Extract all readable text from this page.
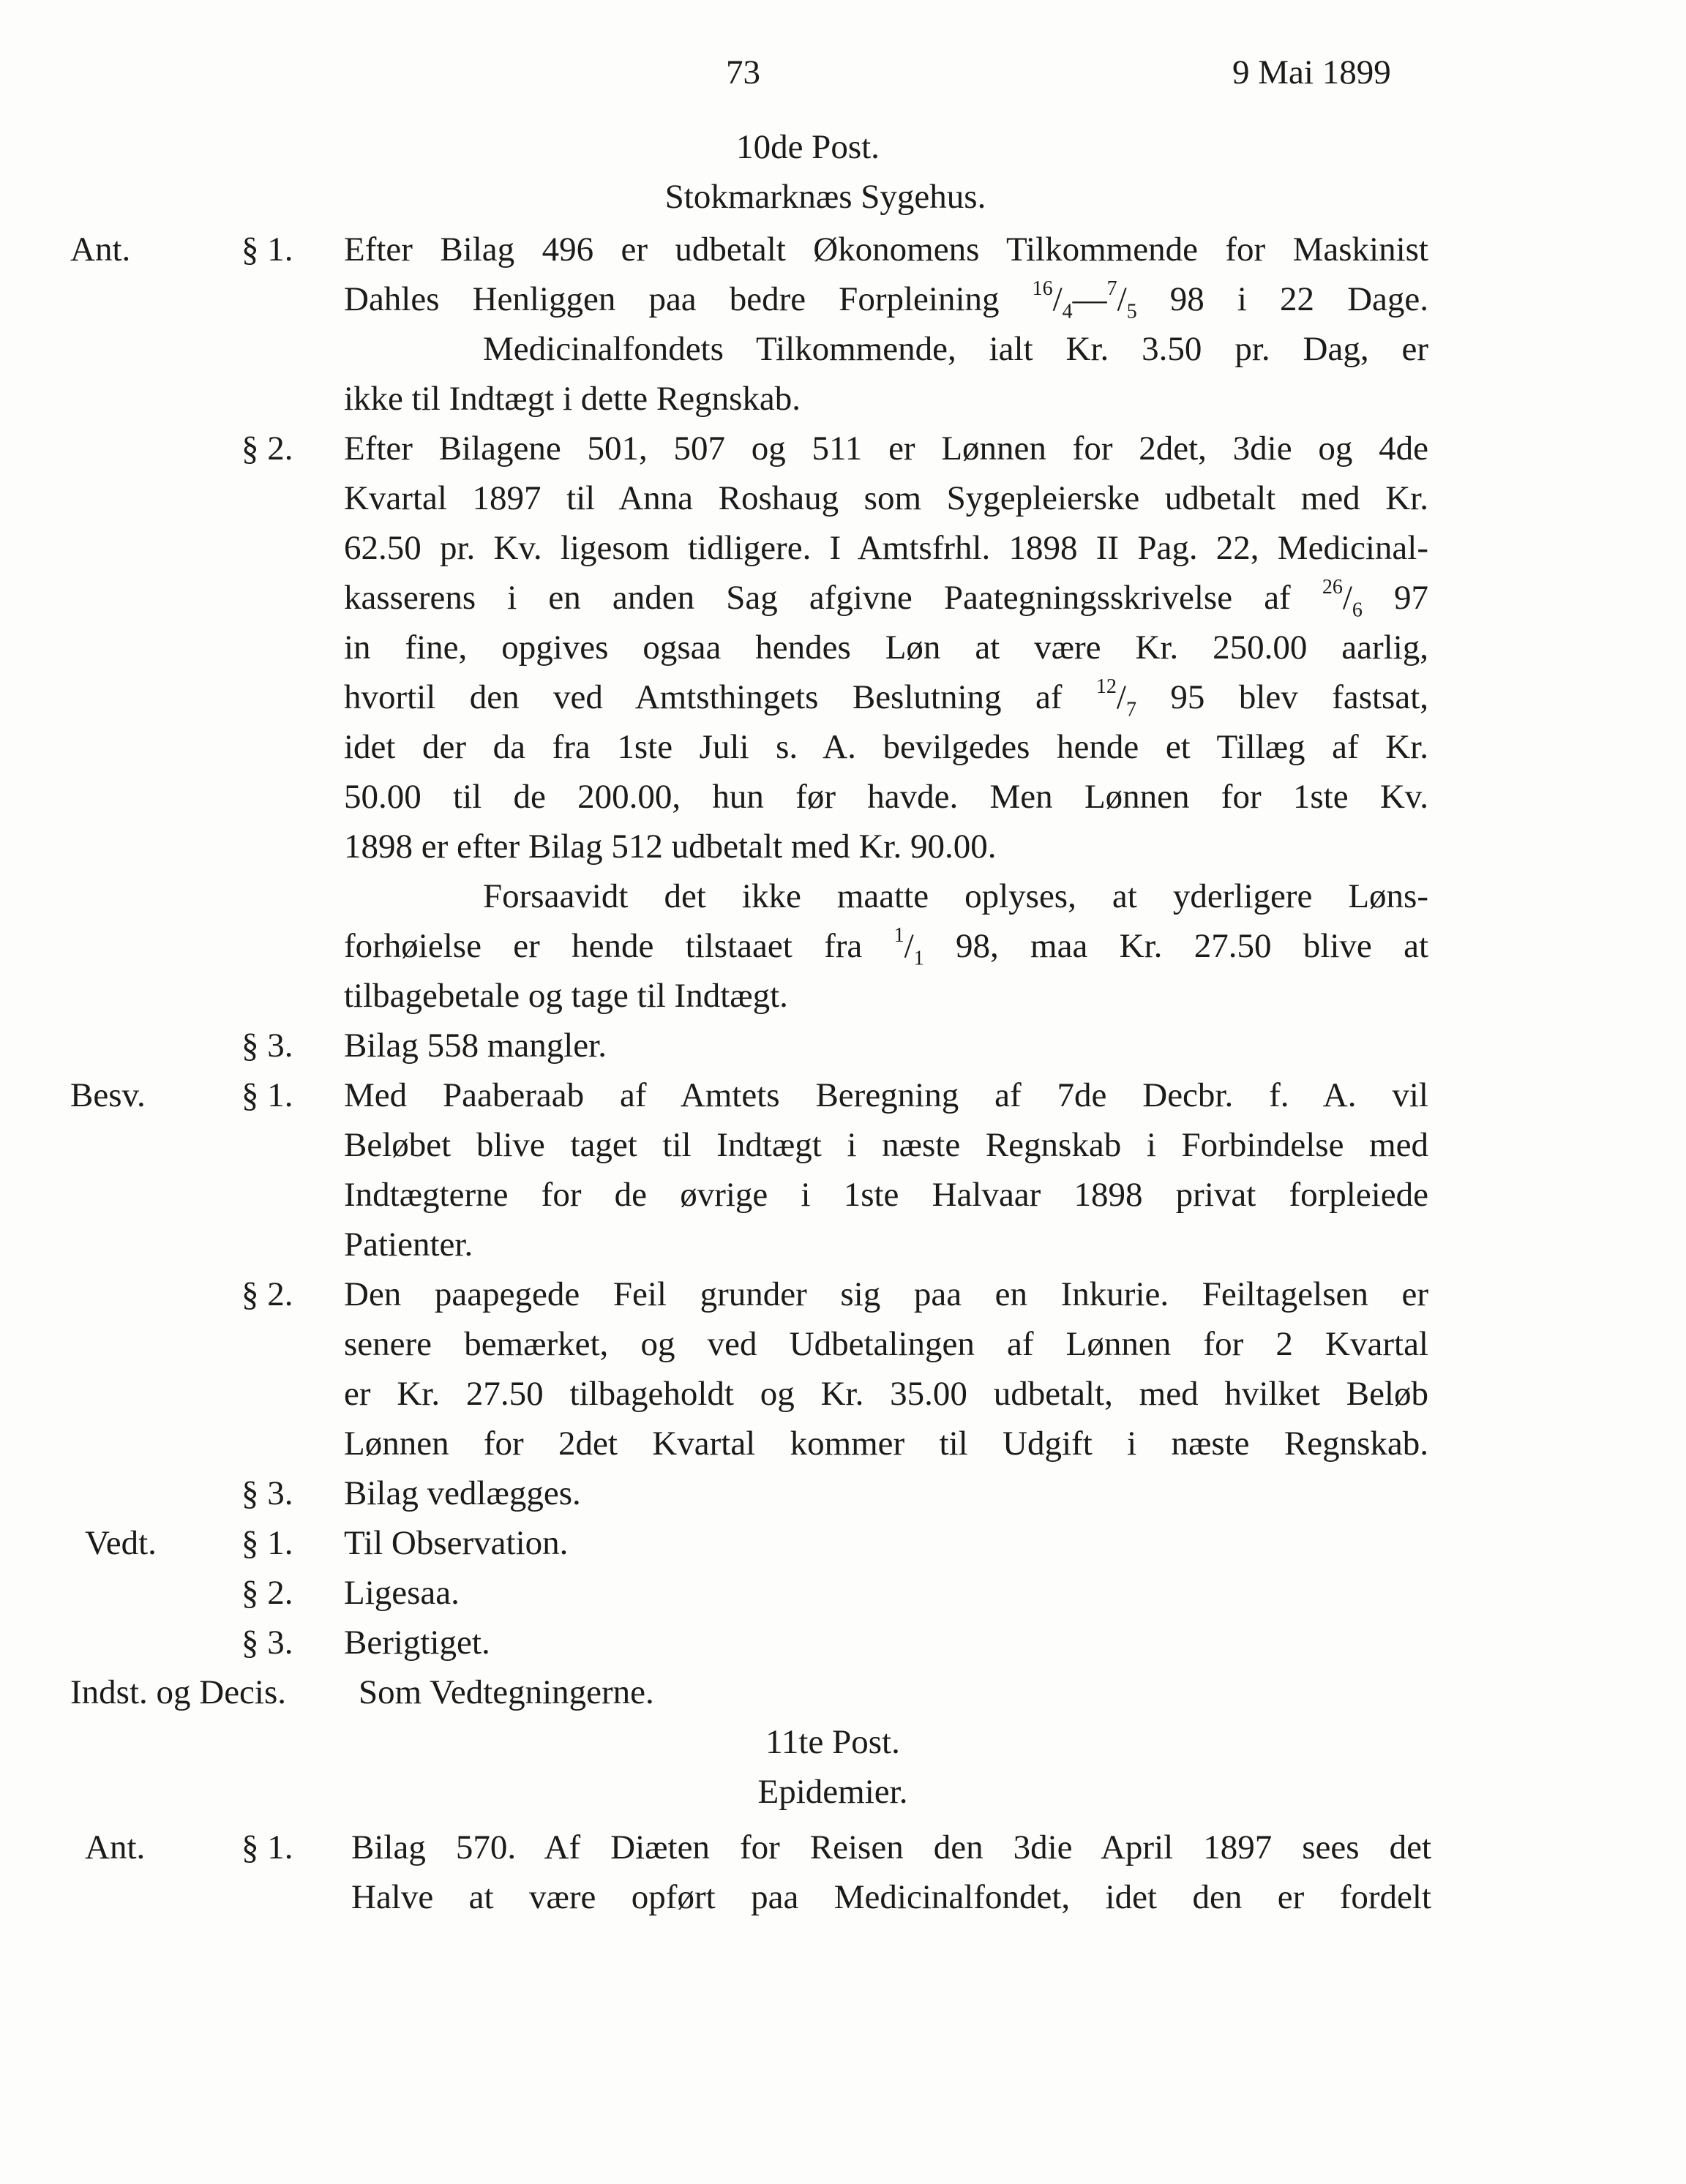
73	9 Mai 1899
10de Post.
Stokmarknæs Sygehus.
Ant.	§ 1. Efter Bilag 496 er udbetalt Økonomens Tilkommende for Maskinist
Dahles Henliggen paa bedre Forpleining $^{16}/_4—^7/_5$ 98 i 22 Dage.
Medicinalfondets Tilkommende, ialt Kr. 3.50 pr. Dag, er
ikke til Indtægt i dette Regnskab.
§ 2. Efter Bilagene 501, 507 og 511 er Lønnen for 2det, 3die og 4de
Kvartal 1897 til Anna Roshaug som Sygepleierske udbetalt med Kr.
62.50 pr. Kv. ligesom tidligere. I Amtsfrhl. 1898 II Pag. 22, Medicinal-
kasserens i en anden Sag afgivne Paategningsskrivelse af $^{26}/_6$ 97
in fine, opgives ogsaa hendes Løn at være Kr. 250.00 aarlig,
hvortil den ved Amtsthingets Beslutning af $^{12}/_7$ 95 blev fastsat,
idet der da fra 1ste Juli s. A. bevilgedes hende et Tillæg af Kr.
50.00 til de 200.00, hun før havde. Men Lønnen for 1ste Kv.
1898 er efter Bilag 512 udbetalt med Kr. 90.00.
Forsaavidt det ikke maatte oplyses, at yderligere Løns-
forhøielse er hende tilstaaet fra $^1/_1$ 98, maa Kr. 27.50 blive at
tilbagebetale og tage til Indtægt.
§ 3. Bilag 558 mangler.
Besv.	§ 1. Med Paaberaab af Amtets Beregning af 7de Decbr. f. A. vil
Beløbet blive taget til Indtægt i næste Regnskab i Forbindelse med
Indtægterne for de øvrige i 1ste Halvaar 1898 privat forpleiede
Patienter.
§ 2. Den paapegede Feil grunder sig paa en Inkurie. Feiltagelsen er
senere bemærket, og ved Udbetalingen af Lønnen for 2 Kvartal
er Kr. 27.50 tilbageholdt og Kr. 35.00 udbetalt, med hvilket Beløb
Lønnen for 2det Kvartal kommer til Udgift i næste Regnskab.
§ 3. Bilag vedlægges.
Vedt. § 1. Til Observation.
§ 2. Ligesaa.
§ 3. Berigtiget.
Indst. og Decis. Som Vedtegningerne.
11te Post.
Epidemier.
Ant.	§ 1. Bilag 570. Af Diæten for Reisen den 3die April 1897 sees det
Halve at være opført paa Medicinalfondet, idet den er fordelt
